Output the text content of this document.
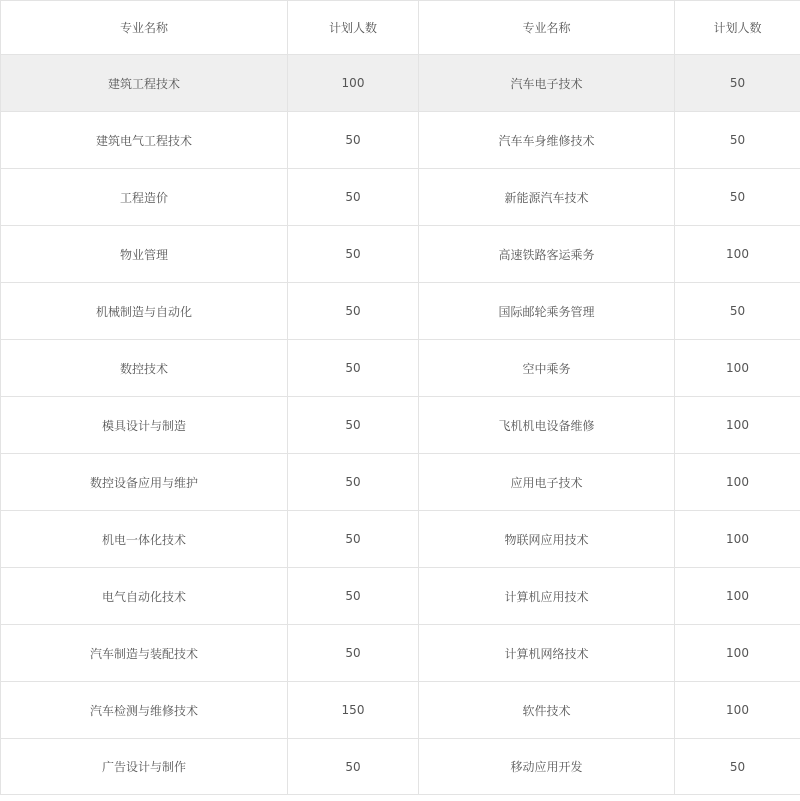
专业名称	计划人数	专业名称	计划人数
建筑工程技术	100	汽车电子技术	50
建筑电气工程技术	50	汽车车身维修技术	50
工程造价	50	新能源汽车技术	50
物业管理	50	高速铁路客运乘务	100
机械制造与自动化	50	国际邮轮乘务管理	50
数控技术	50	空中乘务	100
模具设计与制造	50	飞机机电设备维修	100
数控设备应用与维护	50	应用电子技术	100
机电一体化技术	50	物联网应用技术	100
电气自动化技术	50	计算机应用技术	100
汽车制造与装配技术	50	计算机网络技术	100
汽车检测与维修技术	150	软件技术	100
广告设计与制作	50	移动应用开发	50
